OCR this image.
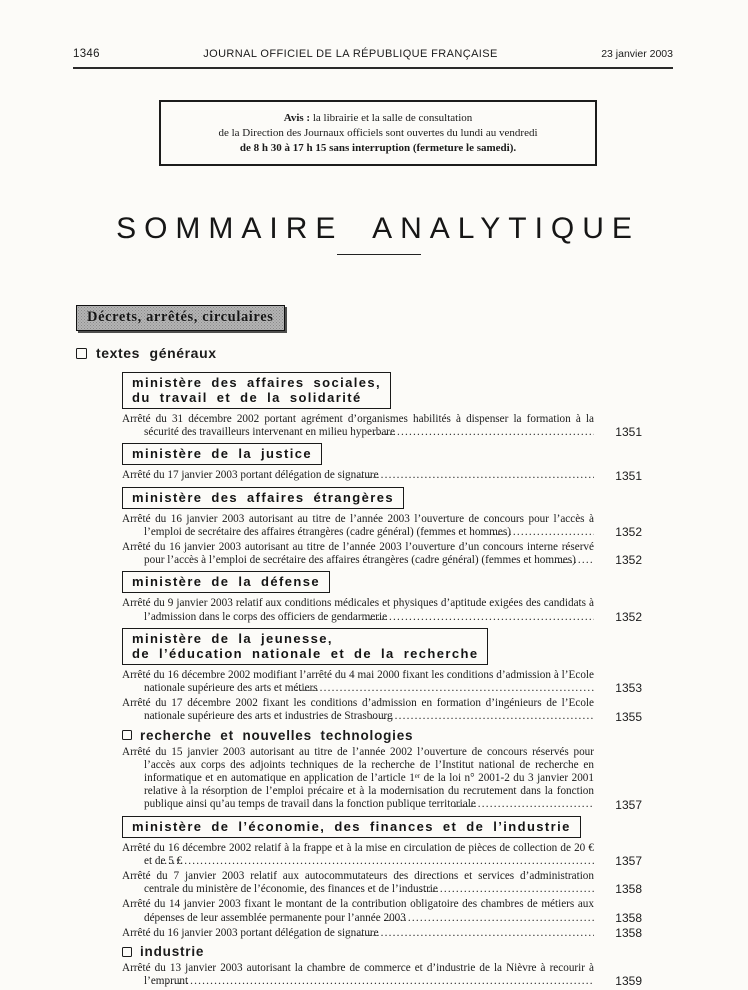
1346	JOURNAL OFFICIEL DE LA RÉPUBLIQUE FRANÇAISE	23 janvier 2003
Avis : la librairie et la salle de consultation
de la Direction des Journaux officiels sont ouvertes du lundi au vendredi
de 8 h 30 à 17 h 15 sans interruption (fermeture le samedi).
SOMMAIRE ANALYTIQUE
Décrets, arrêtés, circulaires
textes généraux
ministère des affaires sociales,
du travail et de la solidarité
Arrêté du 31 décembre 2002 portant agrément d’organismes habilités à dispenser la formation à la sécurité des travailleurs intervenant en milieu hyperbare	1351
ministère de la justice
Arrêté du 17 janvier 2003 portant délégation de signature	1351
ministère des affaires étrangères
Arrêté du 16 janvier 2003 autorisant au titre de l’année 2003 l’ouverture de concours pour l’accès à l’emploi de secrétaire des affaires étrangères (cadre général) (femmes et hommes)	1352
Arrêté du 16 janvier 2003 autorisant au titre de l’année 2003 l’ouverture d’un concours interne réservé pour l’accès à l’emploi de secrétaire des affaires étrangères (cadre général) (femmes et hommes)	1352
ministère de la défense
Arrêté du 9 janvier 2003 relatif aux conditions médicales et physiques d’aptitude exigées des candidats à l’admission dans le corps des officiers de gendarmerie	1352
ministère de la jeunesse,
de l’éducation nationale et de la recherche
Arrêté du 16 décembre 2002 modifiant l’arrêté du 4 mai 2000 fixant les conditions d’admission à l’Ecole nationale supérieure des arts et métiers	1353
Arrêté du 17 décembre 2002 fixant les conditions d’admission en formation d’ingénieurs de l’Ecole nationale supérieure des arts et industries de Strasbourg	1355
recherche et nouvelles technologies
Arrêté du 15 janvier 2003 autorisant au titre de l’année 2002 l’ouverture de concours réservés pour l’accès aux corps des adjoints techniques de la recherche de l’Institut national de recherche en informatique et en automatique en application de l’article 1ᵉʳ de la loi n° 2001-2 du 3 janvier 2001 relative à la résorption de l’emploi précaire et à la modernisation du recrutement dans la fonction publique ainsi qu’au temps de travail dans la fonction publique territoriale	1357
ministère de l’économie, des finances et de l’industrie
Arrêté du 16 décembre 2002 relatif à la frappe et à la mise en circulation de pièces de collection de 20 € et de 5 €	1357
Arrêté du 7 janvier 2003 relatif aux autocommutateurs des directions et services d’administration centrale du ministère de l’économie, des finances et de l’industrie	1358
Arrêté du 14 janvier 2003 fixant le montant de la contribution obligatoire des chambres de métiers aux dépenses de leur assemblée permanente pour l’année 2003	1358
Arrêté du 16 janvier 2003 portant délégation de signature	1358
industrie
Arrêté du 13 janvier 2003 autorisant la chambre de commerce et d’industrie de la Nièvre à recourir à l’emprunt	1359
